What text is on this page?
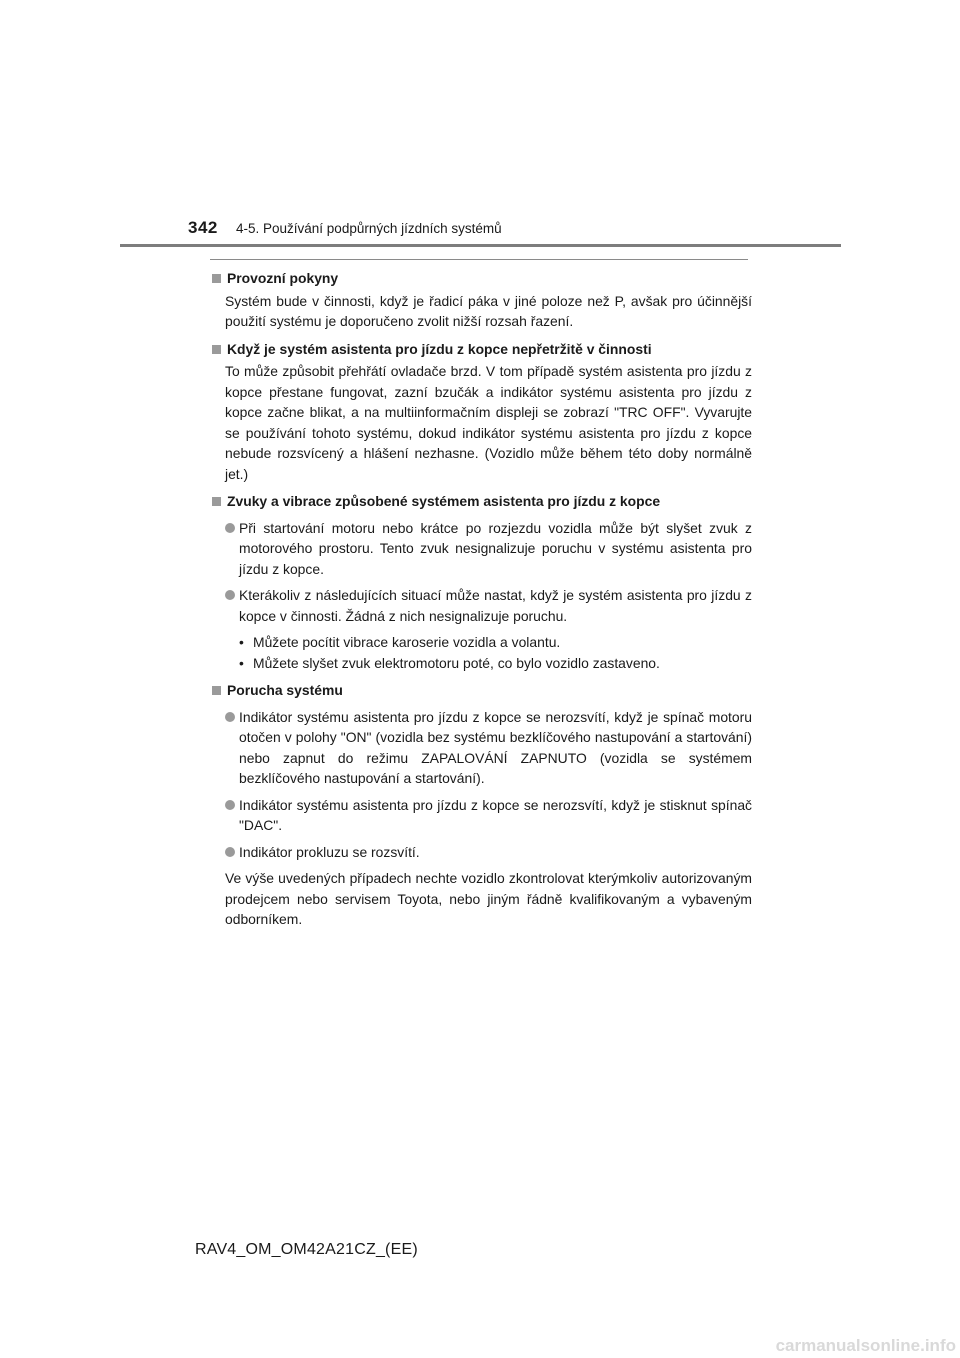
342 4-5. Používání podpůrných jízdních systémů
Provozní pokyny
Systém bude v činnosti, když je řadicí páka v jiné poloze než P, avšak pro účinnější použití systému je doporučeno zvolit nižší rozsah řazení.
Když je systém asistenta pro jízdu z kopce nepřetržitě v činnosti
To může způsobit přehřátí ovladače brzd. V tom případě systém asistenta pro jízdu z kopce přestane fungovat, zazní bzučák a indikátor systému asistenta pro jízdu z kopce začne blikat, a na multiinformačním displeji se zobrazí "TRC OFF". Vyvarujte se používání tohoto systému, dokud indikátor systému asistenta pro jízdu z kopce nebude rozsvícený a hlášení nezhasne. (Vozidlo může během této doby normálně jet.)
Zvuky a vibrace způsobené systémem asistenta pro jízdu z kopce
Při startování motoru nebo krátce po rozjezdu vozidla může být slyšet zvuk z motorového prostoru. Tento zvuk nesignalizuje poruchu v systému asistenta pro jízdu z kopce.
Kterákoliv z následujících situací může nastat, když je systém asistenta pro jízdu z kopce v činnosti. Žádná z nich nesignalizuje poruchu.
• Můžete pocítit vibrace karoserie vozidla a volantu.
• Můžete slyšet zvuk elektromotoru poté, co bylo vozidlo zastaveno.
Porucha systému
Indikátor systému asistenta pro jízdu z kopce se nerozsvítí, když je spínač motoru otočen v polohy "ON" (vozidla bez systému bezklíčového nastupování a startování) nebo zapnut do režimu ZAPALOVÁNÍ ZAPNUTO (vozidla se systémem bezklíčového nastupování a startování).
Indikátor systému asistenta pro jízdu z kopce se nerozsvítí, když je stisknut spínač "DAC".
Indikátor prokluzu se rozsvítí.
Ve výše uvedených případech nechte vozidlo zkontrolovat kterýmkoliv autorizovaným prodejcem nebo servisem Toyota, nebo jiným řádně kvalifikovaným a vybaveným odborníkem.
RAV4_OM_OM42A21CZ_(EE)
carmanualsonline.info
